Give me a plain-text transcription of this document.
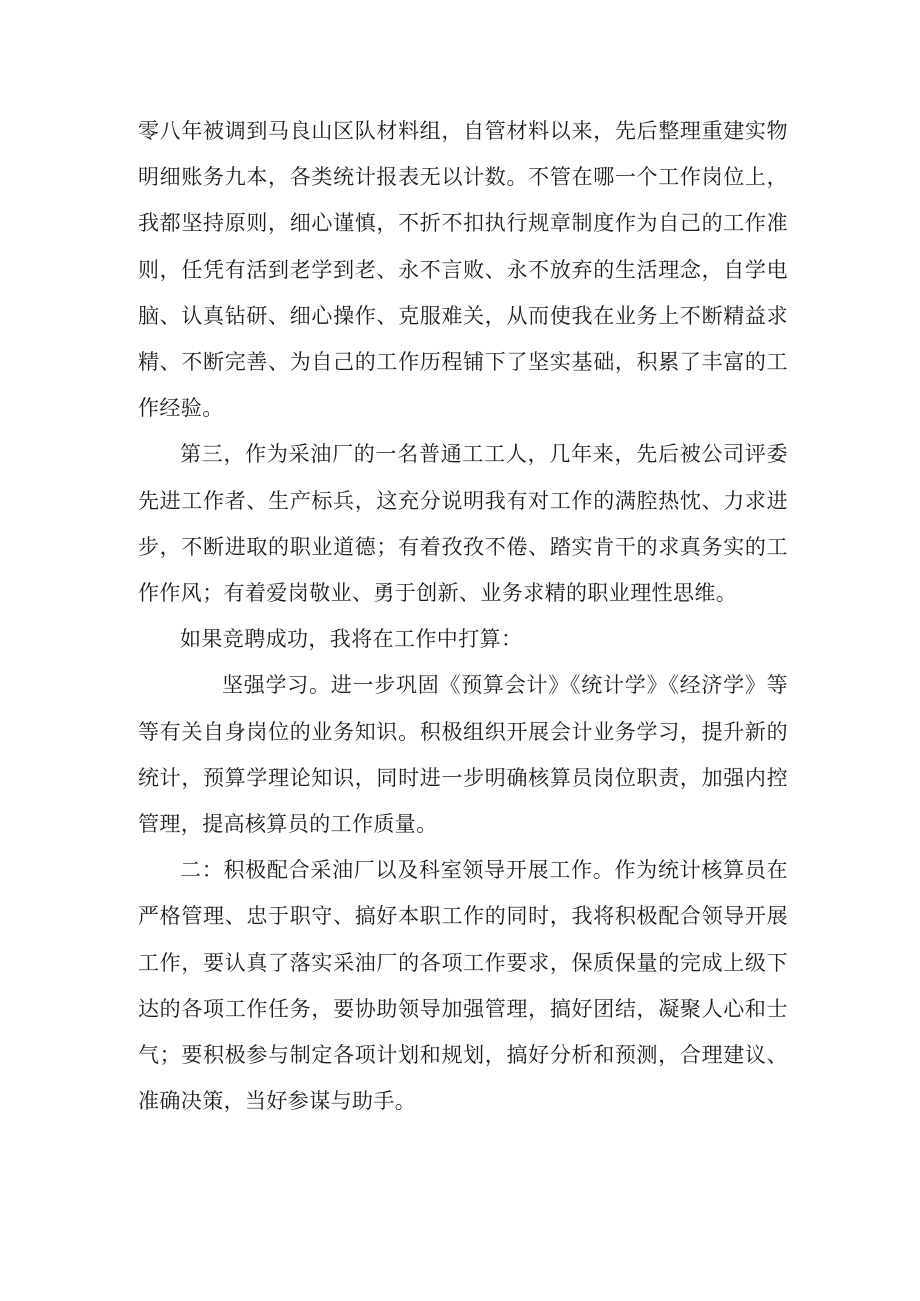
零八年被调到马良山区队材料组，自管材料以来，先后整理重建实物明细账务九本，各类统计报表无以计数。不管在哪一个工作岗位上，我都坚持原则，细心谨慎，不折不扣执行规章制度作为自己的工作准则，任凭有活到老学到老、永不言败、永不放弃的生活理念，自学电脑、认真钻研、细心操作、克服难关，从而使我在业务上不断精益求精、不断完善、为自己的工作历程铺下了坚实基础，积累了丰富的工作经验。

第三，作为采油厂的一名普通工工人，几年来，先后被公司评委先进工作者、生产标兵，这充分说明我有对工作的满腔热忱、力求进步，不断进取的职业道德；有着孜孜不倦、踏实肯干的求真务实的工作作风；有着爱岗敬业、勇于创新、业务求精的职业理性思维。

如果竞聘成功，我将在工作中打算：

坚强学习。进一步巩固《预算会计》《统计学》《经济学》等等有关自身岗位的业务知识。积极组织开展会计业务学习，提升新的统计，预算学理论知识，同时进一步明确核算员岗位职责，加强内控管理，提高核算员的工作质量。

二：积极配合采油厂以及科室领导开展工作。作为统计核算员在严格管理、忠于职守、搞好本职工作的同时，我将积极配合领导开展工作，要认真了落实采油厂的各项工作要求，保质保量的完成上级下达的各项工作任务，要协助领导加强管理，搞好团结，凝聚人心和士气；要积极参与制定各项计划和规划，搞好分析和预测，合理建议、准确决策，当好参谋与助手。
